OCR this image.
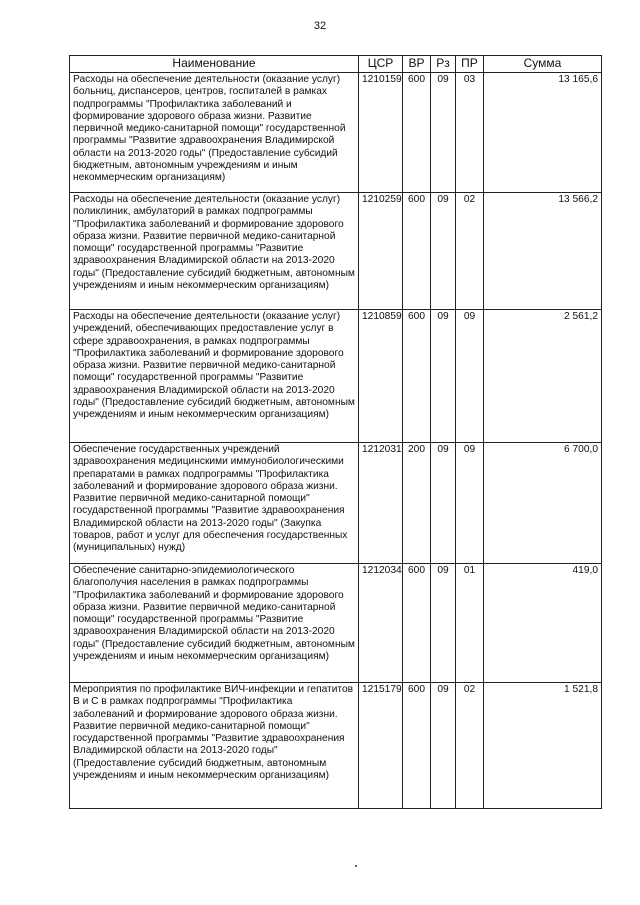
32
Наименование	ЦСР	ВР	Рз	ПР	Сумма
Расходы на обеспечение деятельности (оказание услуг) больниц, диспансеров, центров, госпиталей в рамках подпрограммы "Профилактика заболеваний и формирование здорового образа жизни. Развитие первичной медико-санитарной помощи" государственной программы "Развитие здравоохранения Владимирской области на 2013-2020 годы" (Предоставление субсидий бюджетным, автономным учреждениям и иным некоммерческим организациям)	1210159	600	09	03	13 165,6
Расходы на обеспечение деятельности (оказание услуг) поликлиник, амбулаторий в рамках подпрограммы "Профилактика заболеваний и формирование здорового образа жизни. Развитие первичной медико-санитарной помощи" государственной программы "Развитие здравоохранения Владимирской области на 2013-2020 годы" (Предоставление субсидий бюджетным, автономным учреждениям и иным некоммерческим организациям)	1210259	600	09	02	13 566,2
Расходы на обеспечение деятельности (оказание услуг) учреждений, обеспечивающих предоставление услуг в сфере здравоохранения, в рамках подпрограммы "Профилактика заболеваний и формирование здорового образа жизни. Развитие первичной медико-санитарной помощи" государственной программы "Развитие здравоохранения Владимирской области на 2013-2020 годы" (Предоставление субсидий бюджетным, автономным учреждениям и иным некоммерческим организациям)	1210859	600	09	09	2 561,2
Обеспечение государственных учреждений здравоохранения медицинскими иммунобиологическими препаратами в рамках подпрограммы "Профилактика заболеваний и формирование здорового образа жизни. Развитие первичной медико-санитарной помощи" государственной программы "Развитие здравоохранения Владимирской области на 2013-2020 годы" (Закупка товаров, работ и услуг для обеспечения государственных (муниципальных) нужд)	1212031	200	09	09	6 700,0
Обеспечение санитарно-эпидемиологического благополучия населения в рамках подпрограммы "Профилактика заболеваний и формирование здорового образа жизни. Развитие первичной медико-санитарной помощи" государственной программы "Развитие здравоохранения Владимирской области на 2013-2020 годы" (Предоставление субсидий бюджетным, автономным учреждениям и иным некоммерческим организациям)	1212034	600	09	01	419,0
Мероприятия по профилактике ВИЧ-инфекции и гепатитов В и С в рамках подпрограммы "Профилактика заболеваний и формирование здорового образа жизни. Развитие первичной медико-санитарной помощи" государственной программы "Развитие здравоохранения Владимирской области на 2013-2020 годы" (Предоставление субсидий бюджетным, автономным учреждениям и иным некоммерческим организациям)	1215179	600	09	02	1 521,8
